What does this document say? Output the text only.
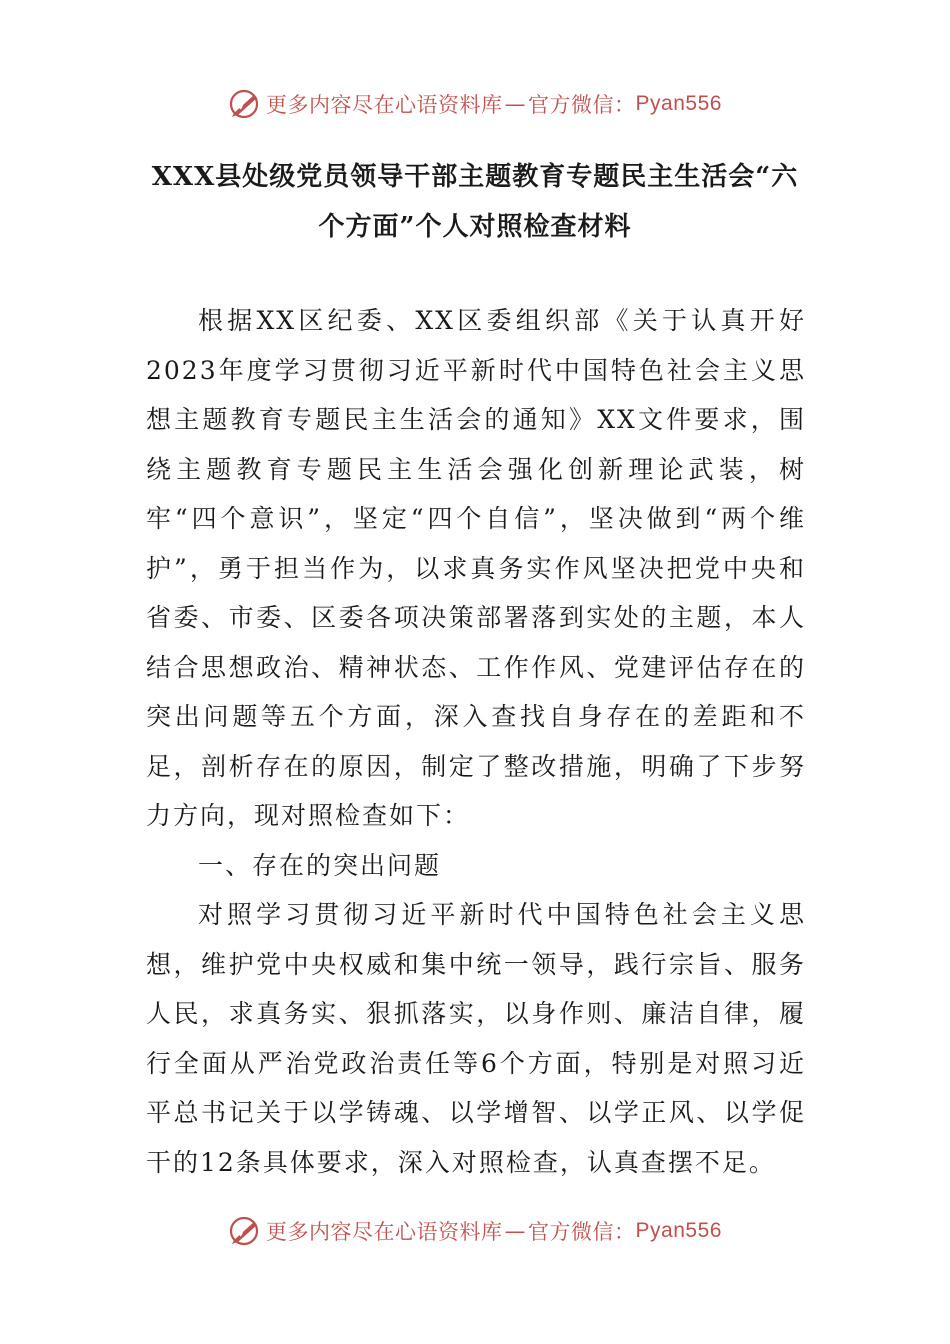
更多内容尽在心语资料库 — 官方微信： Pyan556
XXX县处级党员领导干部主题教育专题民主生活会“六个方面”个人对照检查材料

根据XX区纪委、XX区委组织部《关于认真开好2023年度学习贯彻习近平新时代中国特色社会主义思想主题教育专题民主生活会的通知》XX文件要求，围绕主题教育专题民主生活会强化创新理论武装，树牢“四个意识”，坚定“四个自信”，坚决做到“两个维护”，勇于担当作为，以求真务实作风坚决把党中央和省委、市委、区委各项决策部署落到实处的主题，本人结合思想政治、精神状态、工作作风、党建评估存在的突出问题等五个方面，深入查找自身存在的差距和不足，剖析存在的原因，制定了整改措施，明确了下步努力方向，现对照检查如下：

一、存在的突出问题

对照学习贯彻习近平新时代中国特色社会主义思想，维护党中央权威和集中统一领导，践行宗旨、服务人民，求真务实、狠抓落实，以身作则、廉洁自律，履行全面从严治党政治责任等6个方面，特别是对照习近平总书记关于以学铸魂、以学增智、以学正风、以学促干的12条具体要求，深入对照检查，认真查摆不足。

更多内容尽在心语资料库 — 官方微信： Pyan556
